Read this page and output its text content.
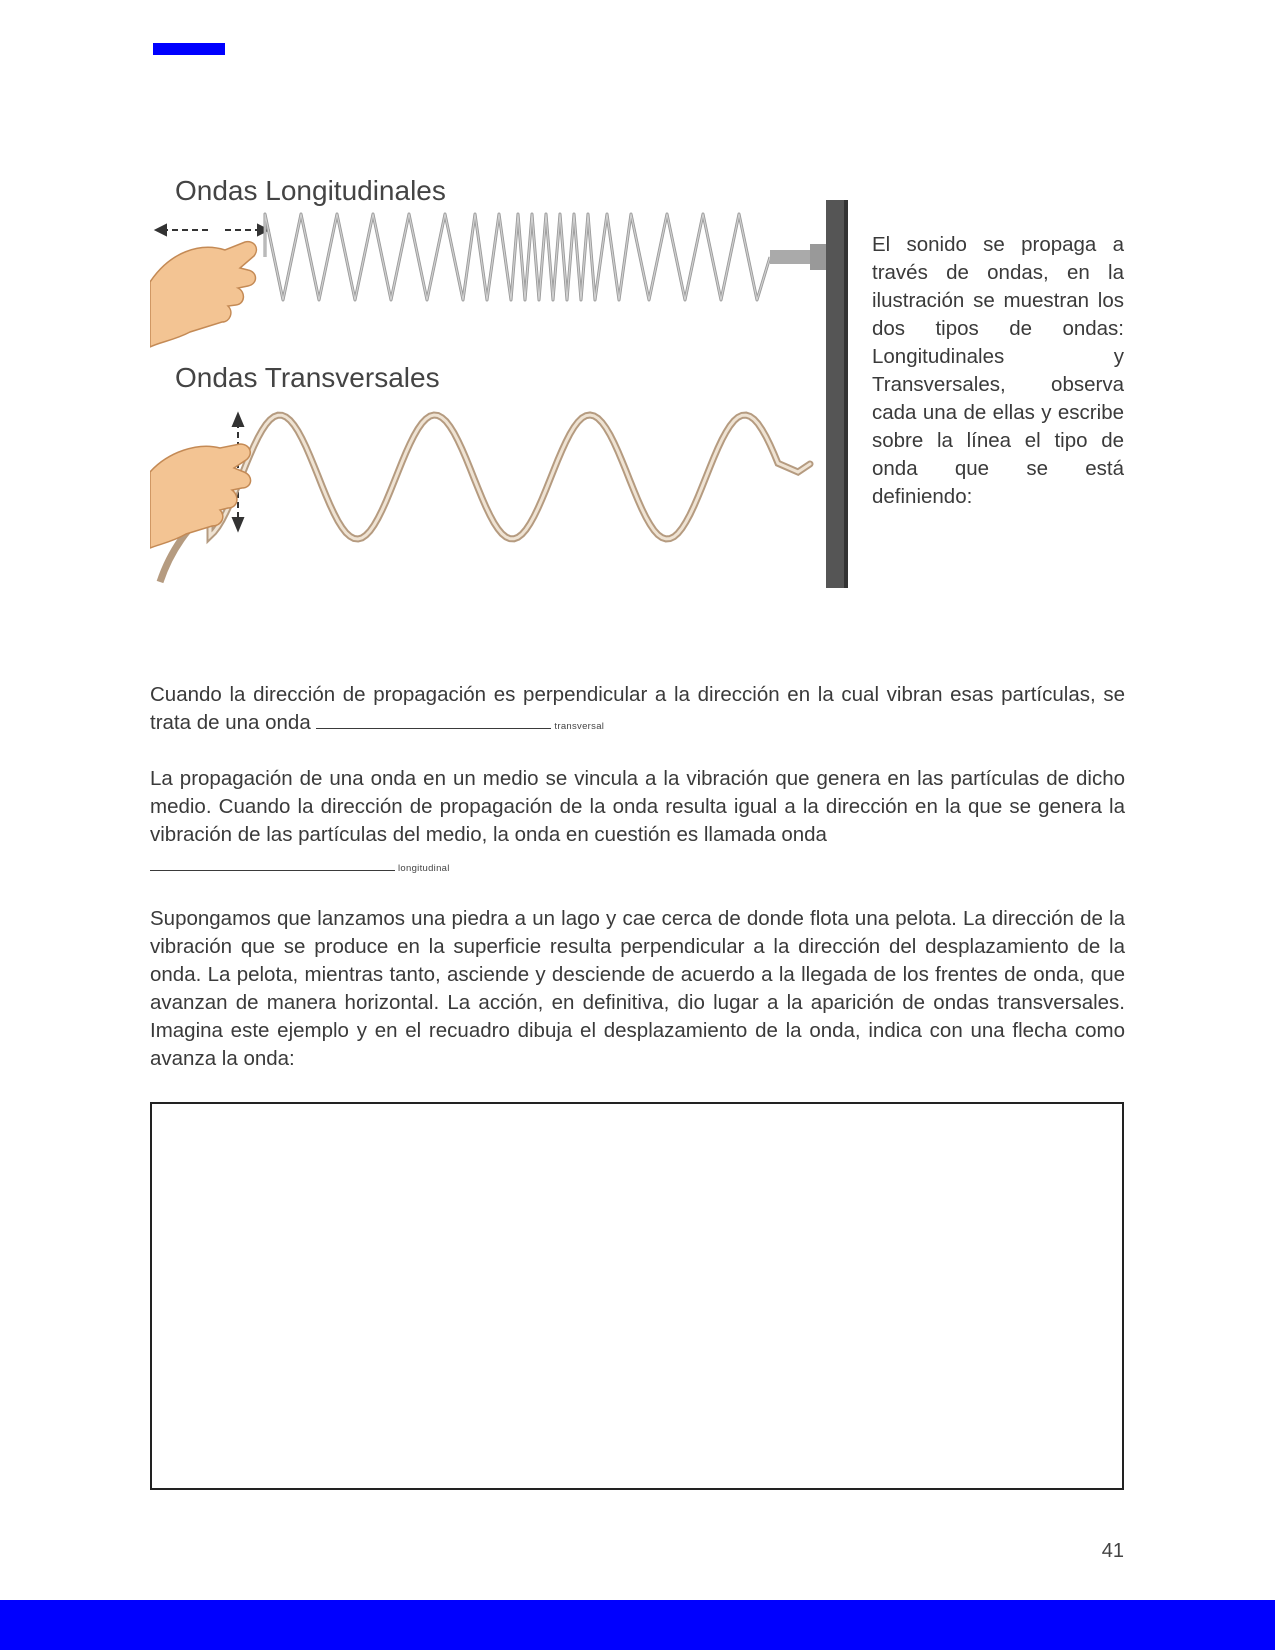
Ondas Longitudinales
Ondas Transversales
El sonido se propaga a través de ondas, en la ilustración se muestran los dos tipos de ondas: Longitudinales y Transversales, observa cada una de ellas y escribe sobre la línea el tipo de onda que se está definiendo:

Cuando la dirección de propagación es perpendicular a la dirección en la cual vibran esas partículas, se trata de una onda	transversal

La propagación de una onda en un medio se vincula a la vibración que genera en las partículas de dicho medio. Cuando la dirección de propagación de la onda resulta igual a la dirección en la que se genera la vibración de las partículas del medio, la onda en cuestión es llamada onda

longitudinal

Supongamos que lanzamos una piedra a un lago y cae cerca de donde flota una pelota. La dirección de la vibración que se produce en la superficie resulta perpendicular a la dirección del desplazamiento de la onda. La pelota, mientras tanto, asciende y desciende de acuerdo a la llegada de los frentes de onda, que avanzan de manera horizontal. La acción, en definitiva, dio lugar a la aparición de ondas transversales. Imagina este ejemplo y en el recuadro dibuja el desplazamiento de la onda, indica con una flecha como avanza la onda:

41
